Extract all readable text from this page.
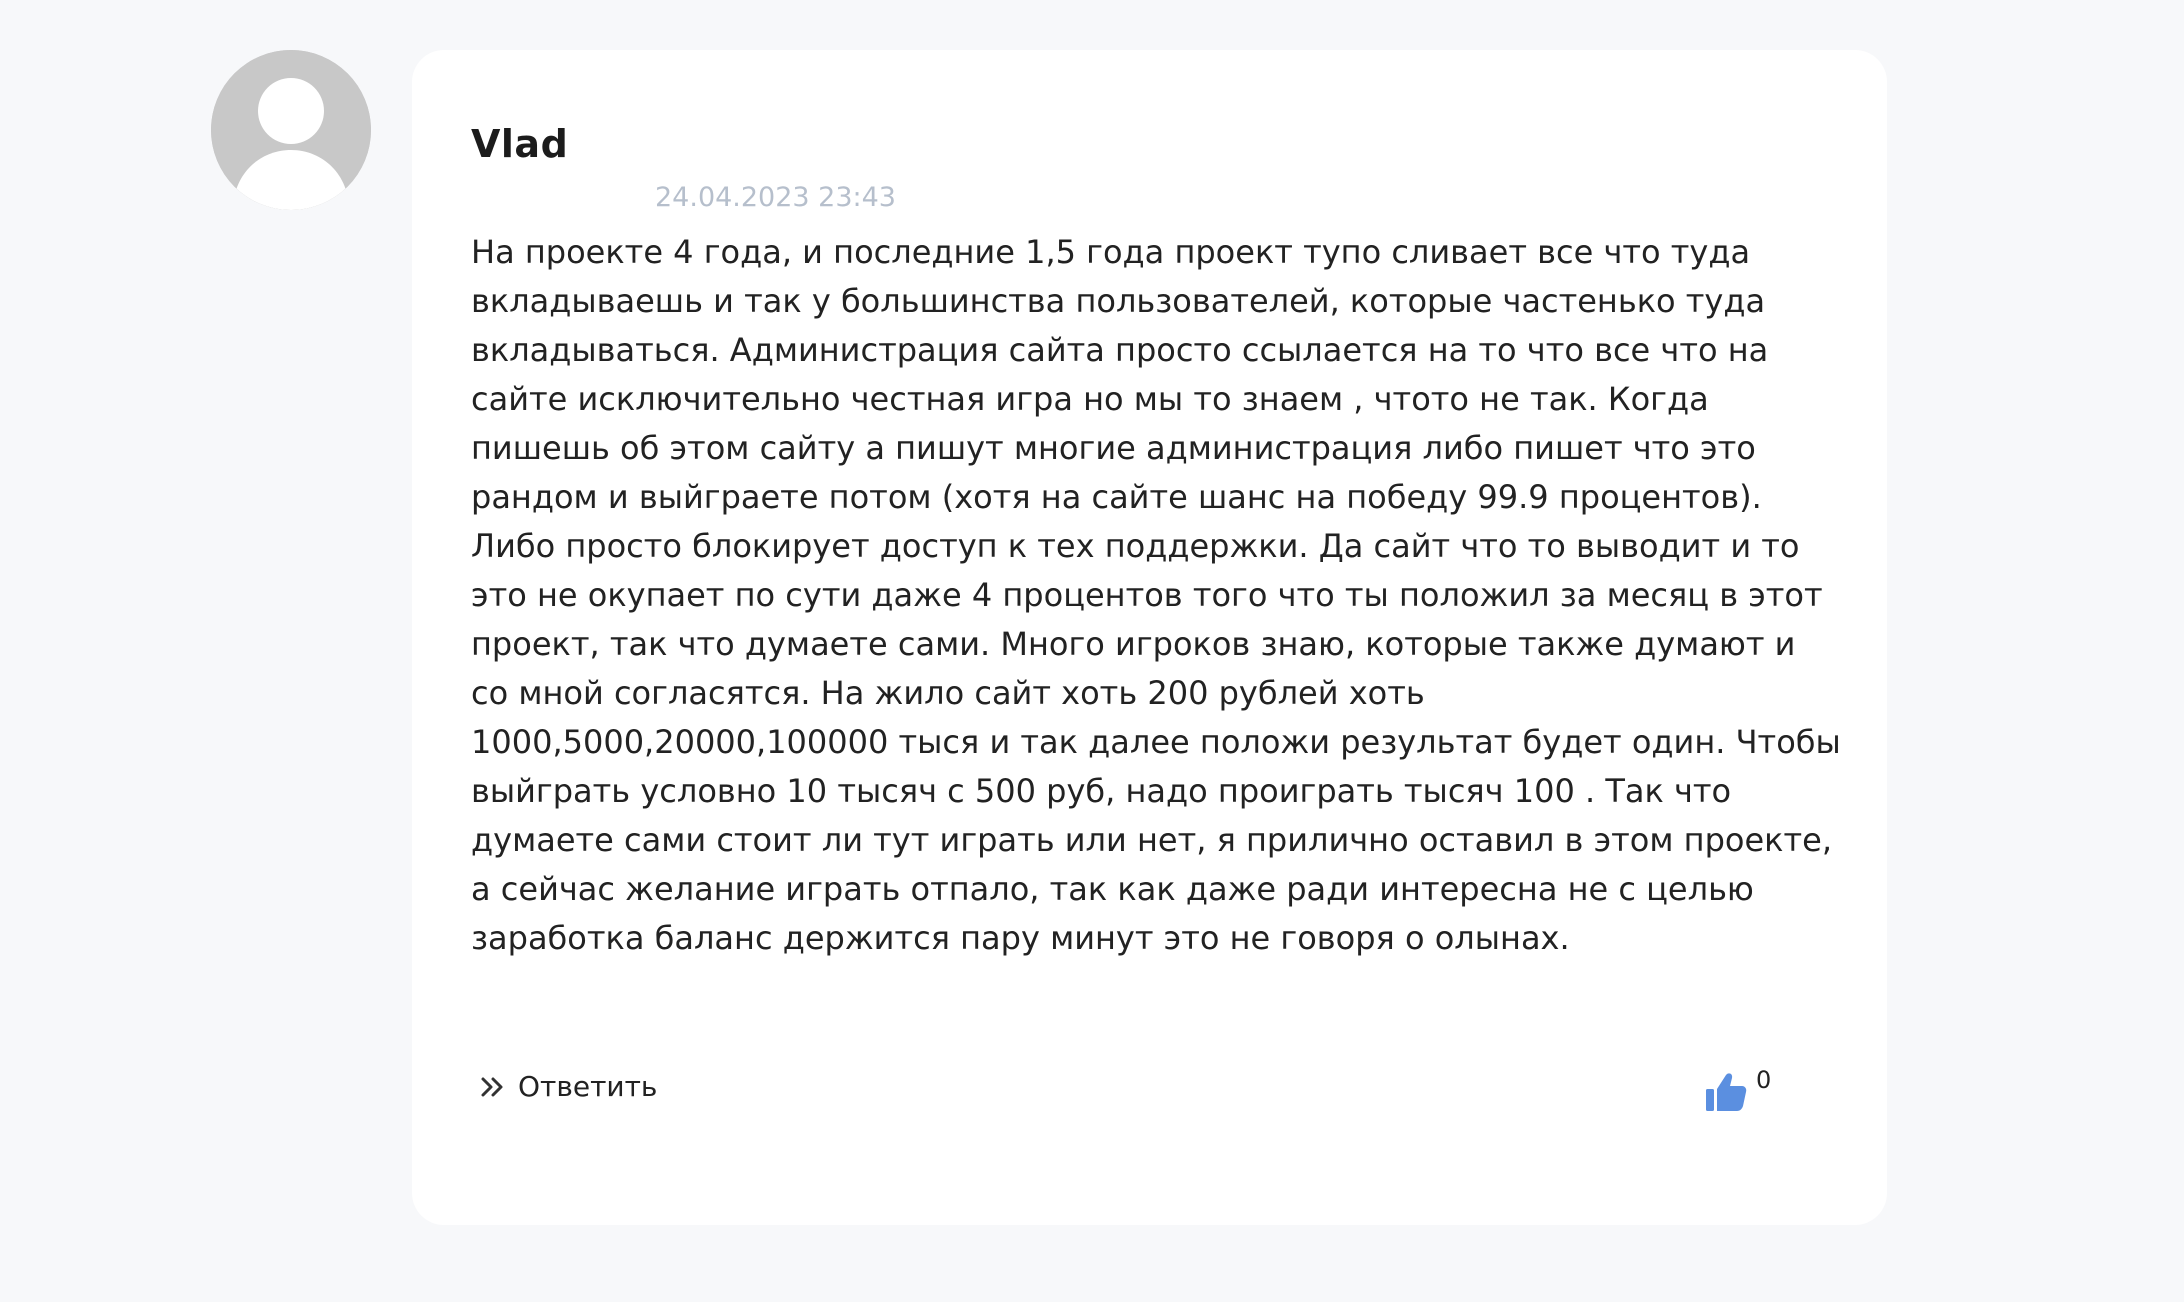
Vlad
24.04.2023 23:43

На проекте 4 года, и последние 1,5 года проект тупо сливает все что туда вкладываешь и так у большинства пользователей, которые частенько туда вкладываться. Администрация сайта просто ссылается на то что все что на сайте исключительно честная игра но мы то знаем , чтото не так. Когда пишешь об этом сайту а пишут многие администрация либо пишет что это рандом и выйграете потом (хотя на сайте шанс на победу 99.9 процентов). Либо просто блокирует доступ к тех поддержки. Да сайт что то выводит и то это не окупает по сути даже 4 процентов того что ты положил за месяц в этот проект, так что думаете сами. Много игроков знаю, которые также думают и со мной согласятся. На жило сайт хоть 200 рублей хоть 1000,5000,20000,100000 тыся и так далее положи результат будет один. Чтобы выйграть условно 10 тысяч с 500 руб, надо проиграть тысяч 100 . Так что думаете сами стоит ли тут играть или нет, я прилично оставил в этом проекте, а сейчас желание играть отпало, так как даже ради интересна не с целью заработка баланс держится пару минут это не говоря о олынах.

Ответить	0
